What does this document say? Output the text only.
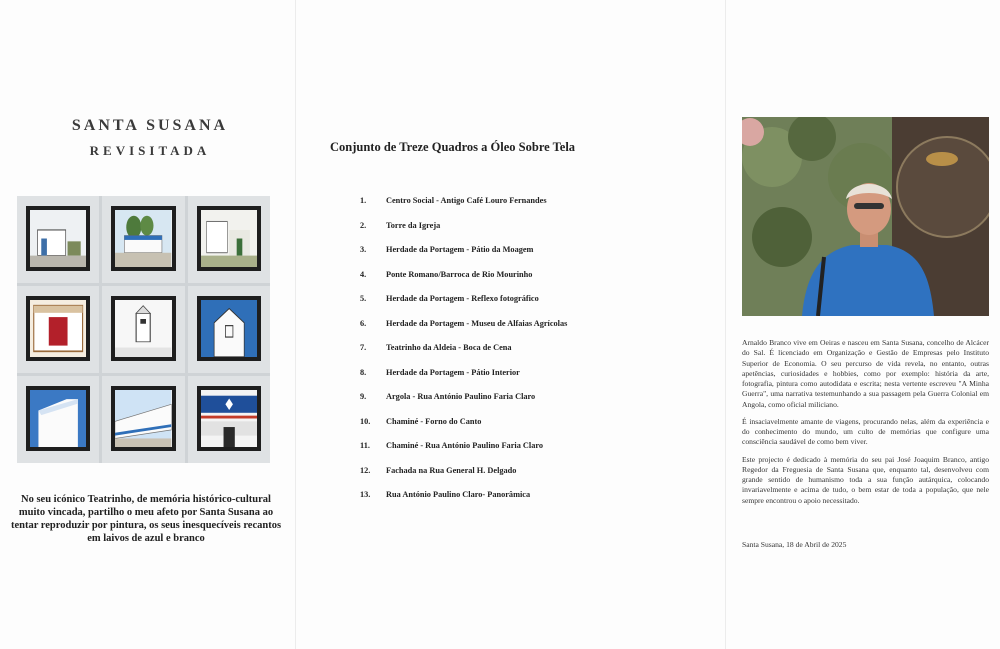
SANTA SUSANA
REVISITADA
No seu icónico Teatrinho, de memória histórico-cultural muito vincada, partilho o meu afeto por Santa Susana ao tentar reproduzir por pintura, os seus inesquecíveis recantos em laivos de azul e branco
Conjunto de Treze Quadros a Óleo Sobre Tela
1. Centro Social - Antigo Café Louro Fernandes
2. Torre da Igreja
3. Herdade da Portagem - Pátio da Moagem
4. Ponte Romano/Barroca de Rio Mourinho
5. Herdade da Portagem - Reflexo fotográfico
6. Herdade da Portagem - Museu de Alfaias Agrícolas
7. Teatrinho da Aldeia - Boca de Cena
8. Herdade da Portagem - Pátio Interior
9. Argola - Rua António Paulino Faria Claro
10. Chaminé - Forno do Canto
11. Chaminé - Rua António Paulino Faria Claro
12. Fachada na Rua General H. Delgado
13. Rua António Paulino Claro- Panorâmica

Arnaldo Branco vive em Oeiras e nasceu em Santa Susana, concelho de Alcácer do Sal. É licenciado em Organização e Gestão de Empresas pelo Instituto Superior de Economia. O seu percurso de vida revela, no entanto, outras apetências, curiosidades e hobbies, como por exemplo: história da arte, fotografia, pintura como autodidata e escrita; nesta vertente escreveu "A Minha Guerra", uma narrativa testemunhando a sua passagem pela Guerra Colonial em Angola, como oficial miliciano.

É insaciavelmente amante de viagens, procurando nelas, além da experiência e do conhecimento do mundo, um culto de memórias que configure uma consciência saudável de como bem viver.

Este projecto é dedicado à memória do seu pai José Joaquim Branco, antigo Regedor da Freguesia de Santa Susana que, enquanto tal, desenvolveu com grande sentido de humanismo toda a sua função autárquica, colocando invariavelmente e acima de tudo, o bem estar de toda a população, que nele sempre encontrou o apoio necessitado.

Santa Susana, 18 de Abril de 2025
